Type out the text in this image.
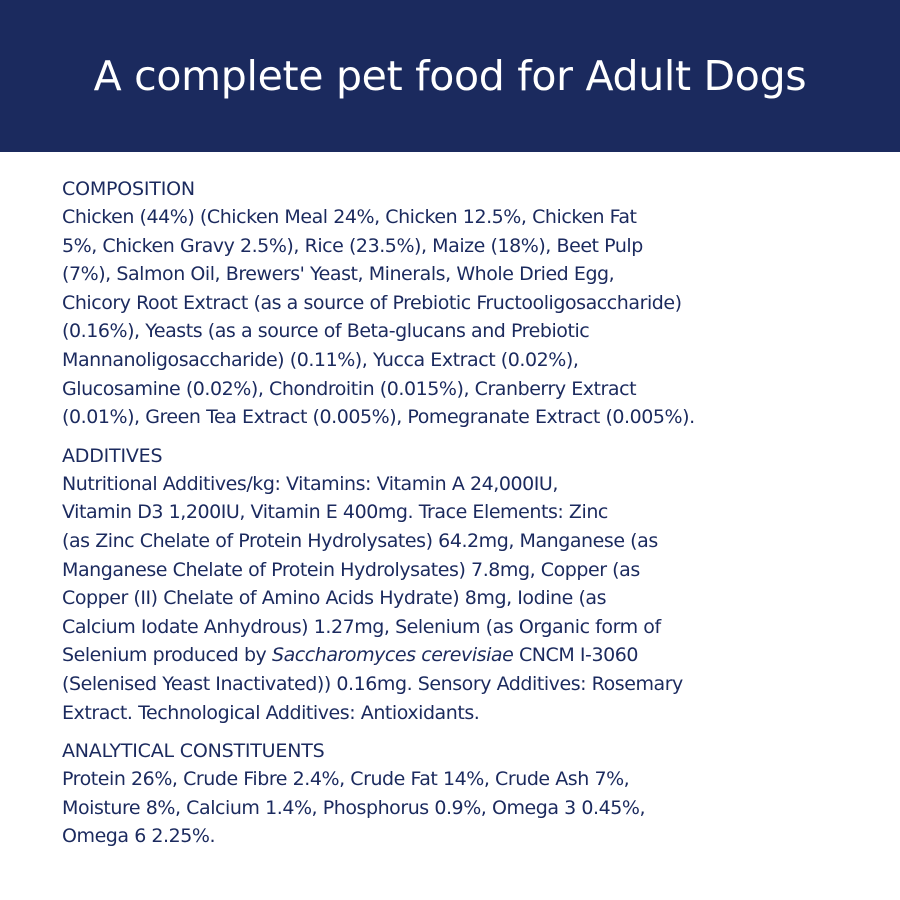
A complete pet food for Adult Dogs
COMPOSITION
Chicken (44%) (Chicken Meal 24%, Chicken 12.5%, Chicken Fat
5%, Chicken Gravy 2.5%), Rice (23.5%), Maize (18%), Beet Pulp
(7%), Salmon Oil, Brewers' Yeast, Minerals, Whole Dried Egg,
Chicory Root Extract (as a source of Prebiotic Fructooligosaccharide)
(0.16%), Yeasts (as a source of Beta-glucans and Prebiotic
Mannanoligosaccharide) (0.11%), Yucca Extract (0.02%),
Glucosamine (0.02%), Chondroitin (0.015%), Cranberry Extract
(0.01%), Green Tea Extract (0.005%), Pomegranate Extract (0.005%).
ADDITIVES
Nutritional Additives/kg: Vitamins: Vitamin A 24,000IU,
Vitamin D3 1,200IU, Vitamin E 400mg. Trace Elements: Zinc
(as Zinc Chelate of Protein Hydrolysates) 64.2mg, Manganese (as
Manganese Chelate of Protein Hydrolysates) 7.8mg, Copper (as
Copper (II) Chelate of Amino Acids Hydrate) 8mg, Iodine (as
Calcium Iodate Anhydrous) 1.27mg, Selenium (as Organic form of
Selenium produced by Saccharomyces cerevisiae CNCM I-3060
(Selenised Yeast Inactivated)) 0.16mg. Sensory Additives: Rosemary
Extract. Technological Additives: Antioxidants.
ANALYTICAL CONSTITUENTS
Protein 26%, Crude Fibre 2.4%, Crude Fat 14%, Crude Ash 7%,
Moisture 8%, Calcium 1.4%, Phosphorus 0.9%, Omega 3 0.45%,
Omega 6 2.25%.
